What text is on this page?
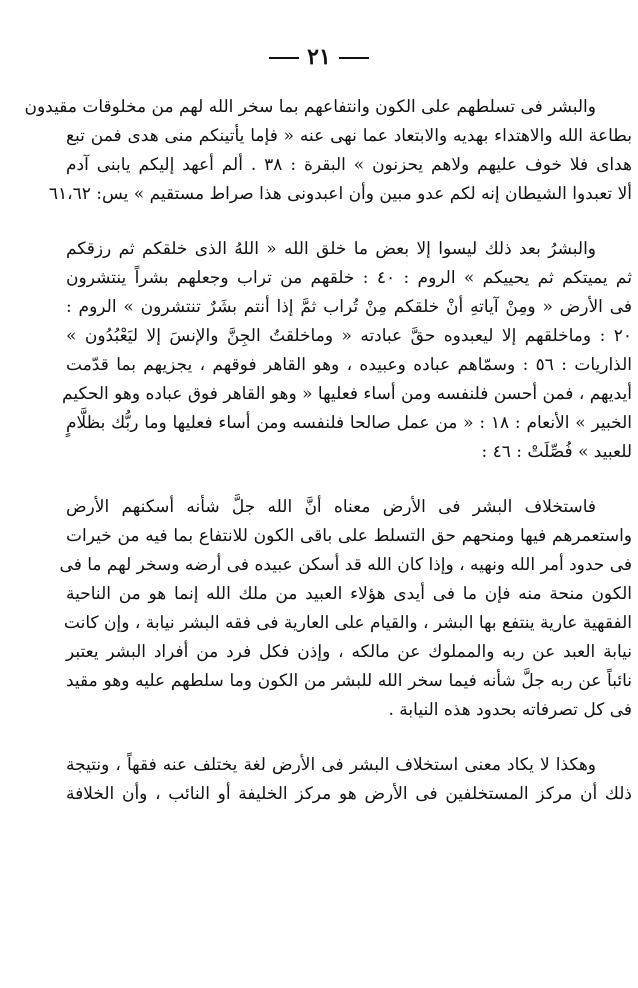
٢١
والبشر فى تسلطهم على الكون وانتفاعهم بما سخر الله لهم من مخلوقات مقيدون
بطاعة الله والاهتداء بهديه والابتعاد عما نهى عنه « فإما يأتينكم منى هدى فمن تبع
هداى فلا خوف عليهم ولاهم يحزنون » البقرة : ٣٨ . ألم أعهد إليكم يابنى آدم
ألا تعبدوا الشيطان إنه لكم عدو مبين وأن اعبدونى هذا صراط مستقيم » يس: ٦١،٦٢
والبشرُ بعد ذلك ليسوا إلا بعض ما خلق الله « اللهُ الذى خلقكم ثم رزقكم
ثم يميتكم ثم يحييكم » الروم : ٤٠ : خلقهم من تراب وجعلهم بشراً ينتشرون
فى الأرض « ومِنْ آياتهِ أنْ خلقكم مِنْ تُراب ثمَّ إذا أنتم بشَرٌ تنتشرون » الروم :
٢٠ : وماخلقهم إلا ليعبدوه حقَّ عبادته « وماخلقتُ الجِنَّ والإنسَ إلا ليَعْبُدُون »
الذاريات : ٥٦ : وسمّاهم عباده وعبيده ، وهو القاهر فوقهم ، يجزيهم بما قدّمت
أيديهم ، فمن أحسن فلنفسه ومن أساء فعليها « وهو القاهر فوق عباده وهو الحكيم
الخبير » الأنعام : ١٨ : « من عمل صالحا فلنفسه ومن أساء فعليها وما ربُّك بظلَّامٍ
للعبيد » فُصِّلَتْ : ٤٦ :
فاستخلاف البشر فى الأرض معناه أنَّ الله جلَّ شأنه أسكنهم الأرض
واستعمرهم فيها ومنحهم حق التسلط على باقى الكون للانتفاع بما فيه من خيرات
فى حدود أمر الله ونهيه ، وإذا كان الله قد أسكن عبيده فى أرضه وسخر لهم ما فى
الكون منحة منه فإن ما فى أيدى هؤلاء العبيد من ملك الله إنما هو من الناحية
الفقهية عارية ينتفع بها البشر ، والقيام على العارية فى فقه البشر نيابة ، وإن كانت
نيابة العبد عن ربه والمملوك عن مالكه ، وإذن فكل فرد من أفراد البشر يعتبر
نائباً عن ربه جلَّ شأنه فيما سخر الله للبشر من الكون وما سلطهم عليه وهو مقيد
فى كل تصرفاته بحدود هذه النيابة .
وهكذا لا يكاد معنى استخلاف البشر فى الأرض لغة يختلف عنه فقهاً ، ونتيجة
ذلك أن مركز المستخلفين فى الأرض هو مركز الخليفة أو النائب ، وأن الخلافة
